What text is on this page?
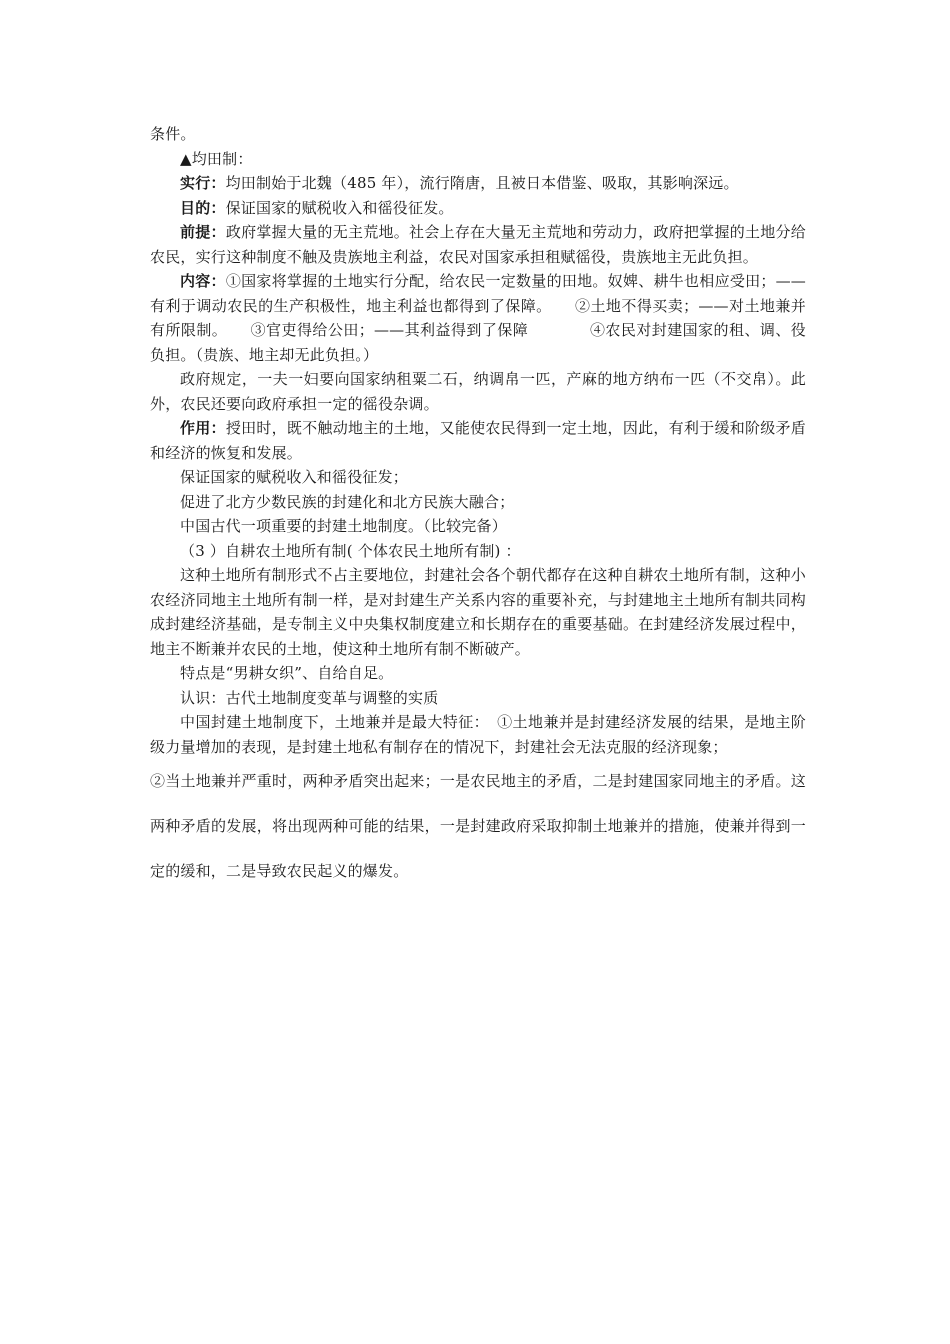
条件。

▲均田制：

实行：均田制始于北魏（485 年），流行隋唐，且被日本借鉴、吸取，其影响深远。

目的：保证国家的赋税收入和徭役征发。

前提：政府掌握大量的无主荒地。社会上存在大量无主荒地和劳动力，政府把掌握的土地分给农民，实行这种制度不触及贵族地主利益，农民对国家承担租赋徭役，贵族地主无此负担。

内容：①国家将掌握的土地实行分配，给农民一定数量的田地。奴婢、耕牛也相应受田；——有利于调动农民的生产积极性，地主利益也都得到了保障。　　②土地不得买卖；——对土地兼并有所限制。　　③官吏得给公田；——其利益得到了保障　　　　④农民对封建国家的租、调、役负担。（贵族、地主却无此负担。）

政府规定，一夫一妇要向国家纳租粟二石，纳调帛一匹，产麻的地方纳布一匹（不交帛）。此外，农民还要向政府承担一定的徭役杂调。

作用：授田时，既不触动地主的土地，又能使农民得到一定土地，因此，有利于缓和阶级矛盾和经济的恢复和发展。

保证国家的赋税收入和徭役征发；

促进了北方少数民族的封建化和北方民族大融合；

中国古代一项重要的封建土地制度。（比较完备）

（3 ）自耕农土地所有制( 个体农民土地所有制) ：

这种土地所有制形式不占主要地位，封建社会各个朝代都存在这种自耕农土地所有制，这种小农经济同地主土地所有制一样，是对封建生产关系内容的重要补充，与封建地主土地所有制共同构成封建经济基础，是专制主义中央集权制度建立和长期存在的重要基础。在封建经济发展过程中，地主不断兼并农民的土地，使这种土地所有制不断破产。

特点是“男耕女织”、自给自足。

认识：古代土地制度变革与调整的实质

中国封建土地制度下，土地兼并是最大特征：　①土地兼并是封建经济发展的结果，是地主阶级力量增加的表现，是封建土地私有制存在的情况下，封建社会无法克服的经济现象；

②当土地兼并严重时，两种矛盾突出起来；一是农民地主的矛盾，二是封建国家同地主的矛盾。这两种矛盾的发展，将出现两种可能的结果，一是封建政府采取抑制土地兼并的措施，使兼并得到一定的缓和，二是导致农民起义的爆发。
